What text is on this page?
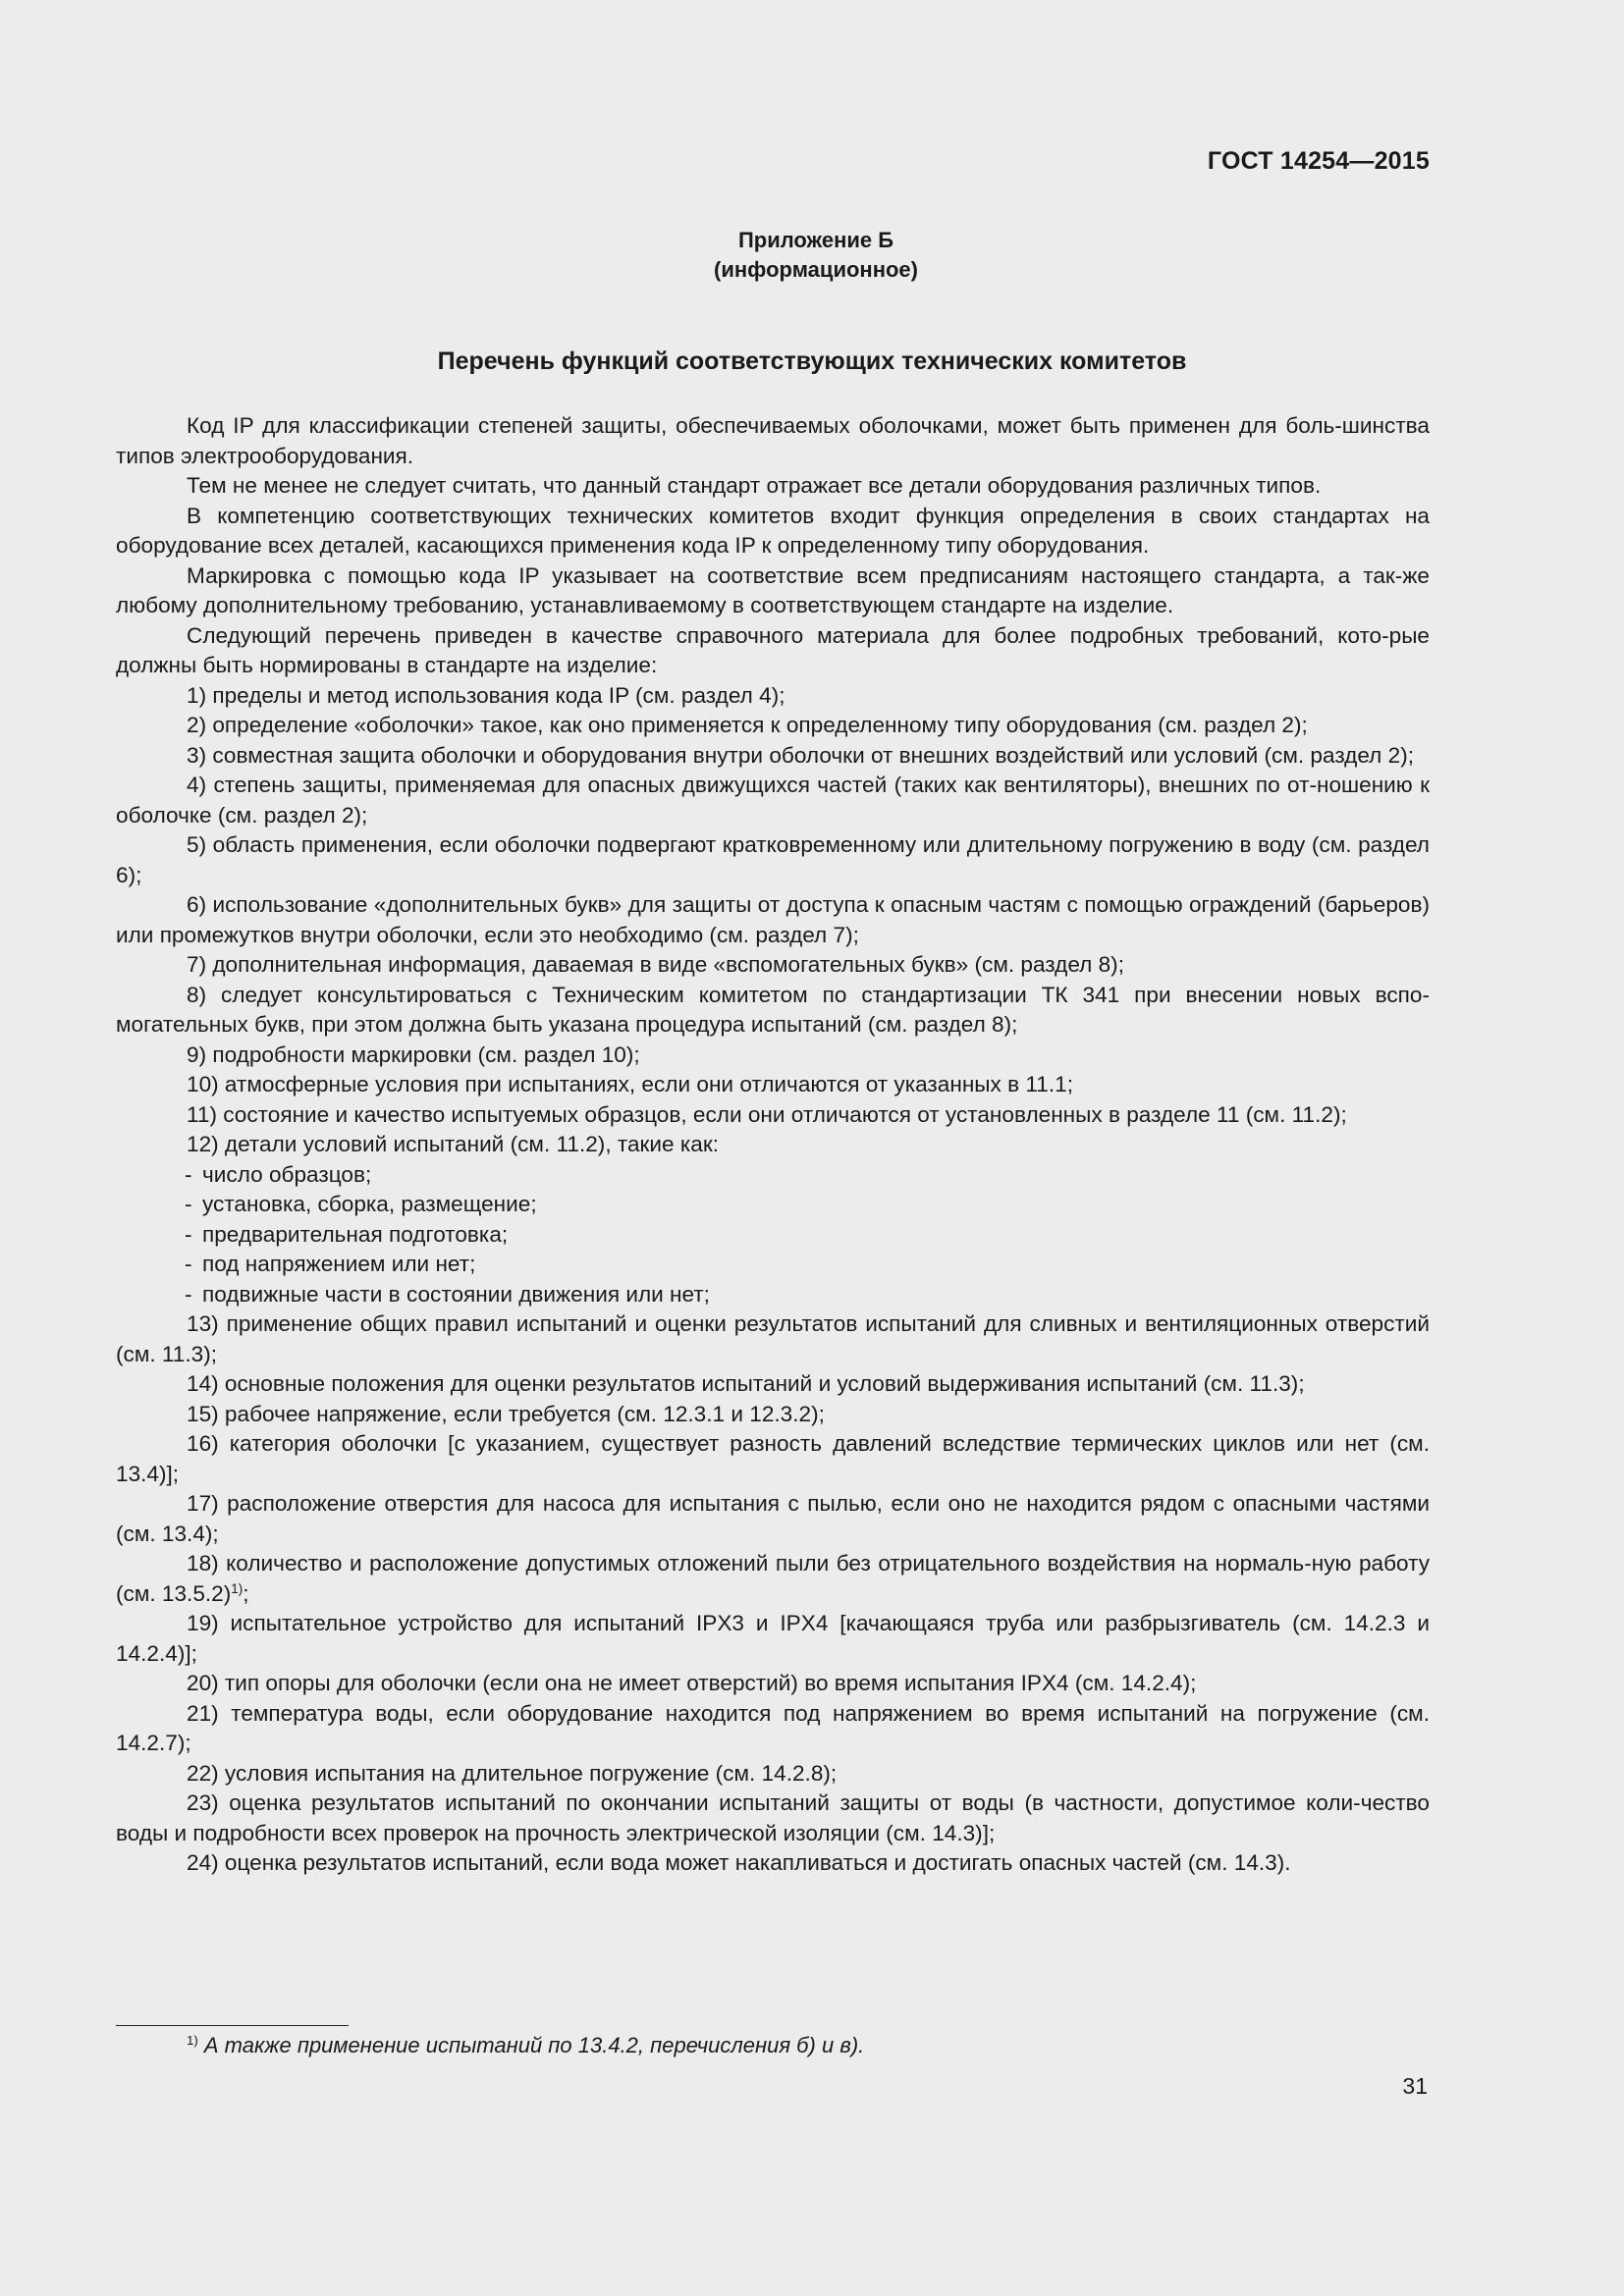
ГОСТ 14254—2015
Приложение Б
(информационное)
Перечень функций соответствующих технических комитетов

Код IP для классификации степеней защиты, обеспечиваемых оболочками, может быть применен для боль-шинства типов электрооборудования.

Тем не менее не следует считать, что данный стандарт отражает все детали оборудования различных типов.

В компетенцию соответствующих технических комитетов входит функция определения в своих стандартах на оборудование всех деталей, касающихся применения кода IP к определенному типу оборудования.

Маркировка с помощью кода IP указывает на соответствие всем предписаниям настоящего стандарта, а так-же любому дополнительному требованию, устанавливаемому в соответствующем стандарте на изделие.

Следующий перечень приведен в качестве справочного материала для более подробных требований, кото-рые должны быть нормированы в стандарте на изделие:

1) пределы и метод использования кода IP (см. раздел 4);

2) определение «оболочки» такое, как оно применяется к определенному типу оборудования (см. раздел 2);

3) совместная защита оболочки и оборудования внутри оболочки от внешних воздействий или условий (см. раздел 2);

4) степень защиты, применяемая для опасных движущихся частей (таких как вентиляторы), внешних по от-ношению к оболочке (см. раздел 2);

5) область применения, если оболочки подвергают кратковременному или длительному погружению в воду (см. раздел 6);

6) использование «дополнительных букв» для защиты от доступа к опасным частям с помощью ограждений (барьеров) или промежутков внутри оболочки, если это необходимо (см. раздел 7);

7) дополнительная информация, даваемая в виде «вспомогательных букв» (см. раздел 8);

8) следует консультироваться с Техническим комитетом по стандартизации ТК 341 при внесении новых вспо-могательных букв, при этом должна быть указана процедура испытаний (см. раздел 8);

9) подробности маркировки (см. раздел 10);

10) атмосферные условия при испытаниях, если они отличаются от указанных в 11.1;

11) состояние и качество испытуемых образцов, если они отличаются от установленных в разделе 11 (см. 11.2);

12) детали условий испытаний (см. 11.2), такие как:

- число образцов;
- установка, сборка, размещение;
- предварительная подготовка;
- под напряжением или нет;
- подвижные части в состоянии движения или нет;

13) применение общих правил испытаний и оценки результатов испытаний для сливных и вентиляционных отверстий (см. 11.3);

14) основные положения для оценки результатов испытаний и условий выдерживания испытаний (см. 11.3);

15) рабочее напряжение, если требуется (см. 12.3.1 и 12.3.2);

16) категория оболочки [с указанием, существует разность давлений вследствие термических циклов или нет (см. 13.4)];

17) расположение отверстия для насоса для испытания с пылью, если оно не находится рядом с опасными частями (см. 13.4);

18) количество и расположение допустимых отложений пыли без отрицательного воздействия на нормаль-ную работу (см. 13.5.2)$^{1)}$;

19) испытательное устройство для испытаний IPX3 и IPX4 [качающаяся труба или разбрызгиватель (см. 14.2.3 и 14.2.4)];

20) тип опоры для оболочки (если она не имеет отверстий) во время испытания IPX4 (см. 14.2.4);

21) температура воды, если оборудование находится под напряжением во время испытаний на погружение (см. 14.2.7);

22) условия испытания на длительное погружение (см. 14.2.8);

23) оценка результатов испытаний по окончании испытаний защиты от воды (в частности, допустимое коли-чество воды и подробности всех проверок на прочность электрической изоляции (см. 14.3)];

24) оценка результатов испытаний, если вода может накапливаться и достигать опасных частей (см. 14.3).

$^{1)}$ А также применение испытаний по 13.4.2, перечисления б) и в).
31
